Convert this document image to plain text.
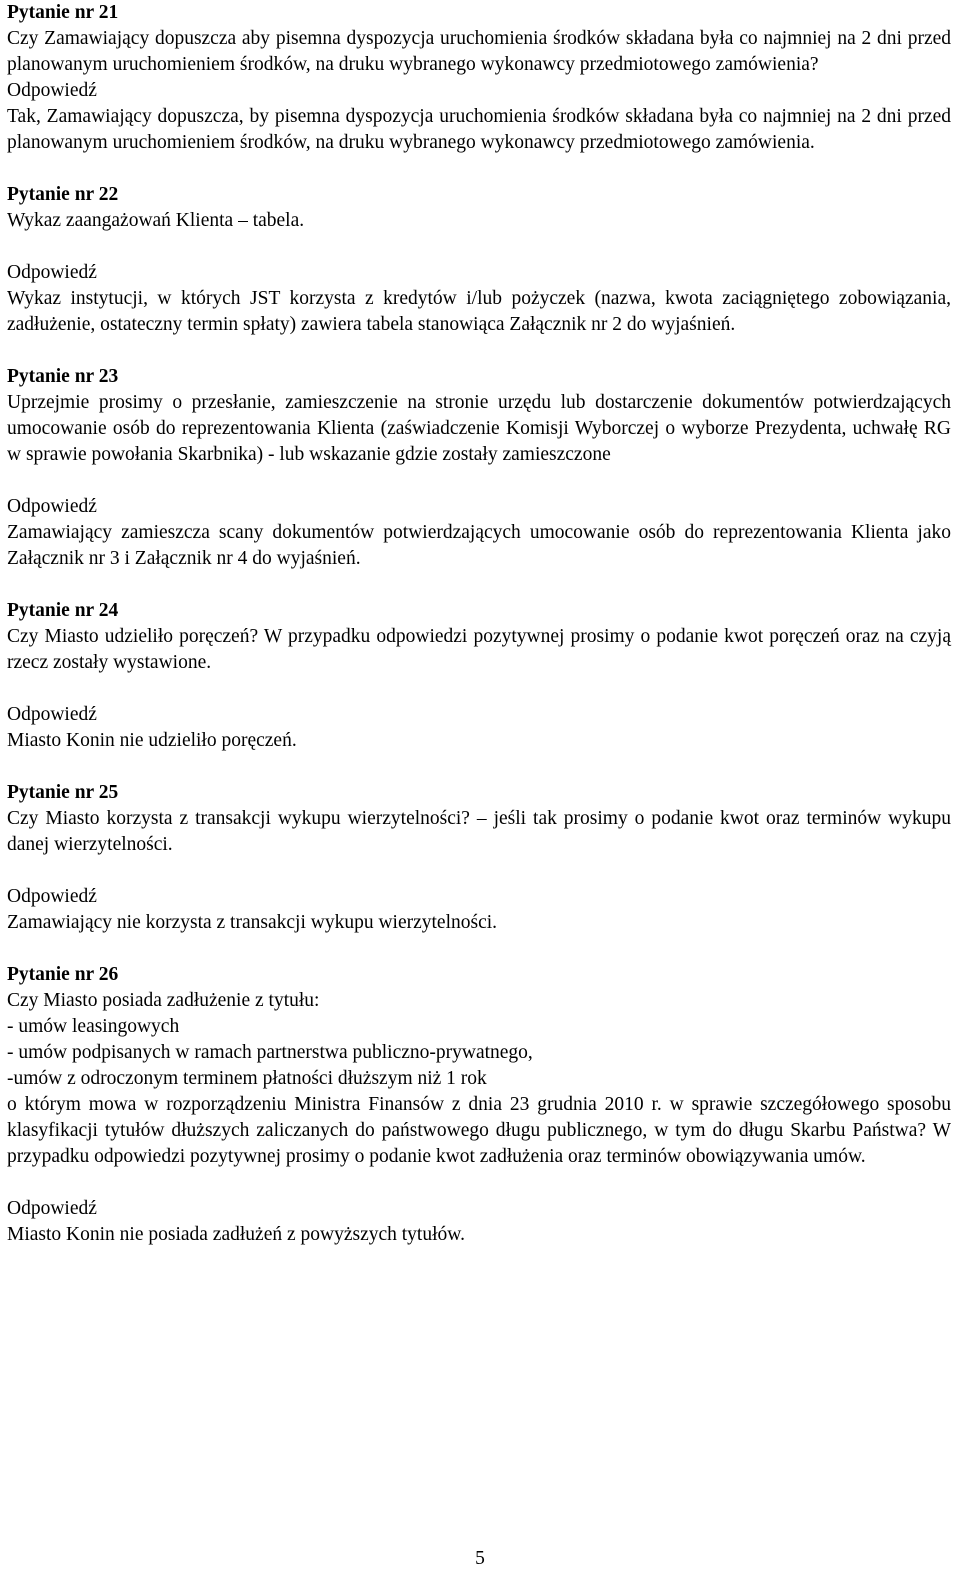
Pytanie nr 21

Czy Zamawiający dopuszcza aby pisemna dyspozycja uruchomienia środków składana była co najmniej na 2 dni przed planowanym uruchomieniem środków, na druku wybranego wykonawcy przedmiotowego zamówienia?

Odpowiedź

Tak, Zamawiający dopuszcza, by pisemna dyspozycja uruchomienia środków składana była co najmniej na 2 dni przed planowanym uruchomieniem środków, na druku wybranego wykonawcy przedmiotowego zamówienia.

Pytanie nr 22

Wykaz zaangażowań Klienta – tabela.

Odpowiedź

Wykaz instytucji, w których JST korzysta z kredytów i/lub pożyczek (nazwa, kwota zaciągniętego zobowiązania, zadłużenie, ostateczny termin spłaty) zawiera tabela stanowiąca Załącznik nr 2 do wyjaśnień.

Pytanie nr 23

Uprzejmie prosimy o przesłanie, zamieszczenie na stronie urzędu lub dostarczenie dokumentów potwierdzających umocowanie osób do reprezentowania Klienta (zaświadczenie Komisji Wyborczej o wyborze Prezydenta, uchwałę RG w sprawie powołania Skarbnika) - lub wskazanie gdzie zostały zamieszczone

Odpowiedź

Zamawiający zamieszcza scany dokumentów potwierdzających umocowanie osób do reprezentowania Klienta jako Załącznik nr 3 i Załącznik nr 4 do wyjaśnień.

Pytanie nr 24

Czy Miasto udzieliło poręczeń? W przypadku odpowiedzi pozytywnej prosimy o podanie kwot poręczeń oraz na czyją rzecz zostały wystawione.

Odpowiedź

Miasto Konin nie udzieliło poręczeń.

Pytanie nr 25

Czy Miasto korzysta z transakcji wykupu wierzytelności? – jeśli tak prosimy o podanie kwot oraz terminów wykupu danej wierzytelności.

Odpowiedź

Zamawiający nie korzysta z transakcji wykupu wierzytelności.

Pytanie nr 26

Czy Miasto posiada zadłużenie z tytułu:

- umów leasingowych

- umów podpisanych w ramach partnerstwa publiczno-prywatnego,

-umów z odroczonym terminem płatności dłuższym niż 1 rok

o którym mowa w rozporządzeniu Ministra Finansów z dnia 23 grudnia 2010 r. w sprawie szczegółowego sposobu klasyfikacji tytułów dłuższych zaliczanych do państwowego długu publicznego, w tym do długu Skarbu Państwa? W przypadku odpowiedzi pozytywnej prosimy o podanie kwot zadłużenia oraz terminów obowiązywania umów.

Odpowiedź

Miasto Konin nie posiada zadłużeń z powyższych tytułów.

5
